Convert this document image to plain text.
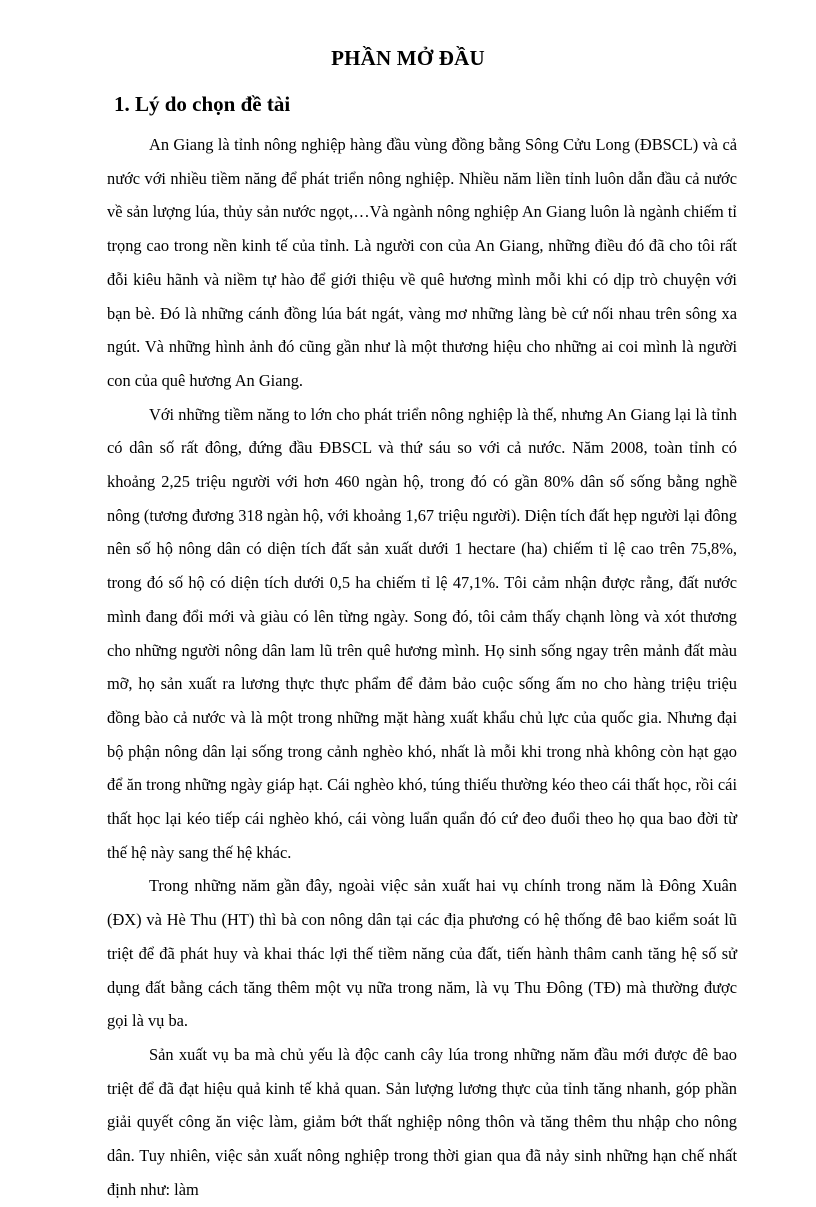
PHẦN MỞ ĐẦU
1. Lý do chọn đề tài

An Giang là tỉnh nông nghiệp hàng đầu vùng đồng bằng Sông Cửu Long (ĐBSCL) và cả nước với nhiều tiềm năng để phát triển nông nghiệp. Nhiều năm liền tỉnh luôn dẫn đầu cả nước về sản lượng lúa, thủy sản nước ngọt,…Và ngành nông nghiệp An Giang luôn là ngành chiếm tỉ trọng cao trong nền kinh tế của tỉnh. Là người con của An Giang, những điều đó đã cho tôi rất đỗi kiêu hãnh và niềm tự hào để giới thiệu về quê hương mình mỗi khi có dịp trò chuyện với bạn bè. Đó là những cánh đồng lúa bát ngát, vàng mơ những làng bè cứ nối nhau trên sông xa ngút. Và những hình ảnh đó cũng gần như là một thương hiệu cho những ai coi mình là người con của quê hương An Giang.

Với những tiềm năng to lớn cho phát triển nông nghiệp là thế, nhưng An Giang lại là tỉnh có dân số rất đông, đứng đầu ĐBSCL và thứ sáu so với cả nước. Năm 2008, toàn tỉnh có khoảng 2,25 triệu người với hơn 460 ngàn hộ, trong đó có gần 80% dân số sống bằng nghề nông (tương đương 318 ngàn hộ, với khoảng 1,67 triệu người). Diện tích đất hẹp người lại đông nên số hộ nông dân có diện tích đất sản xuất dưới 1 hectare (ha) chiếm tỉ lệ cao trên 75,8%, trong đó số hộ có diện tích dưới 0,5 ha chiếm tỉ lệ 47,1%. Tôi cảm nhận được rằng, đất nước mình đang đổi mới và giàu có lên từng ngày. Song đó, tôi cảm thấy chạnh lòng và xót thương cho những người nông dân lam lũ trên quê hương mình. Họ sinh sống ngay trên mảnh đất màu mỡ, họ sản xuất ra lương thực thực phẩm để đảm bảo cuộc sống ấm no cho hàng triệu triệu đồng bào cả nước và là một trong những mặt hàng xuất khẩu chủ lực của quốc gia. Nhưng đại bộ phận nông dân lại sống trong cảnh nghèo khó, nhất là mỗi khi trong nhà không còn hạt gạo để ăn trong những ngày giáp hạt. Cái nghèo khó, túng thiếu thường kéo theo cái thất học, rồi cái thất học lại kéo tiếp cái nghèo khó, cái vòng luẩn quẩn đó cứ đeo đuổi theo họ qua bao đời từ thế hệ này sang thế hệ khác.

Trong những năm gần đây, ngoài việc sản xuất hai vụ chính trong năm là Đông Xuân (ĐX) và Hè Thu (HT) thì bà con nông dân tại các địa phương có hệ thống đê bao kiểm soát lũ triệt để đã phát huy và khai thác lợi thế tiềm năng của đất, tiến hành thâm canh tăng hệ số sử dụng đất bằng cách tăng thêm một vụ nữa trong năm, là vụ Thu Đông (TĐ) mà thường được gọi là vụ ba.

Sản xuất vụ ba mà chủ yếu là độc canh cây lúa trong những năm đầu mới được đê bao triệt để đã đạt hiệu quả kinh tế khả quan. Sản lượng lương thực của tỉnh tăng nhanh, góp phần giải quyết công ăn việc làm, giảm bớt thất nghiệp nông thôn và tăng thêm thu nhập cho nông dân. Tuy nhiên, việc sản xuất nông nghiệp trong thời gian qua đã nảy sinh những hạn chế nhất định như: làm
